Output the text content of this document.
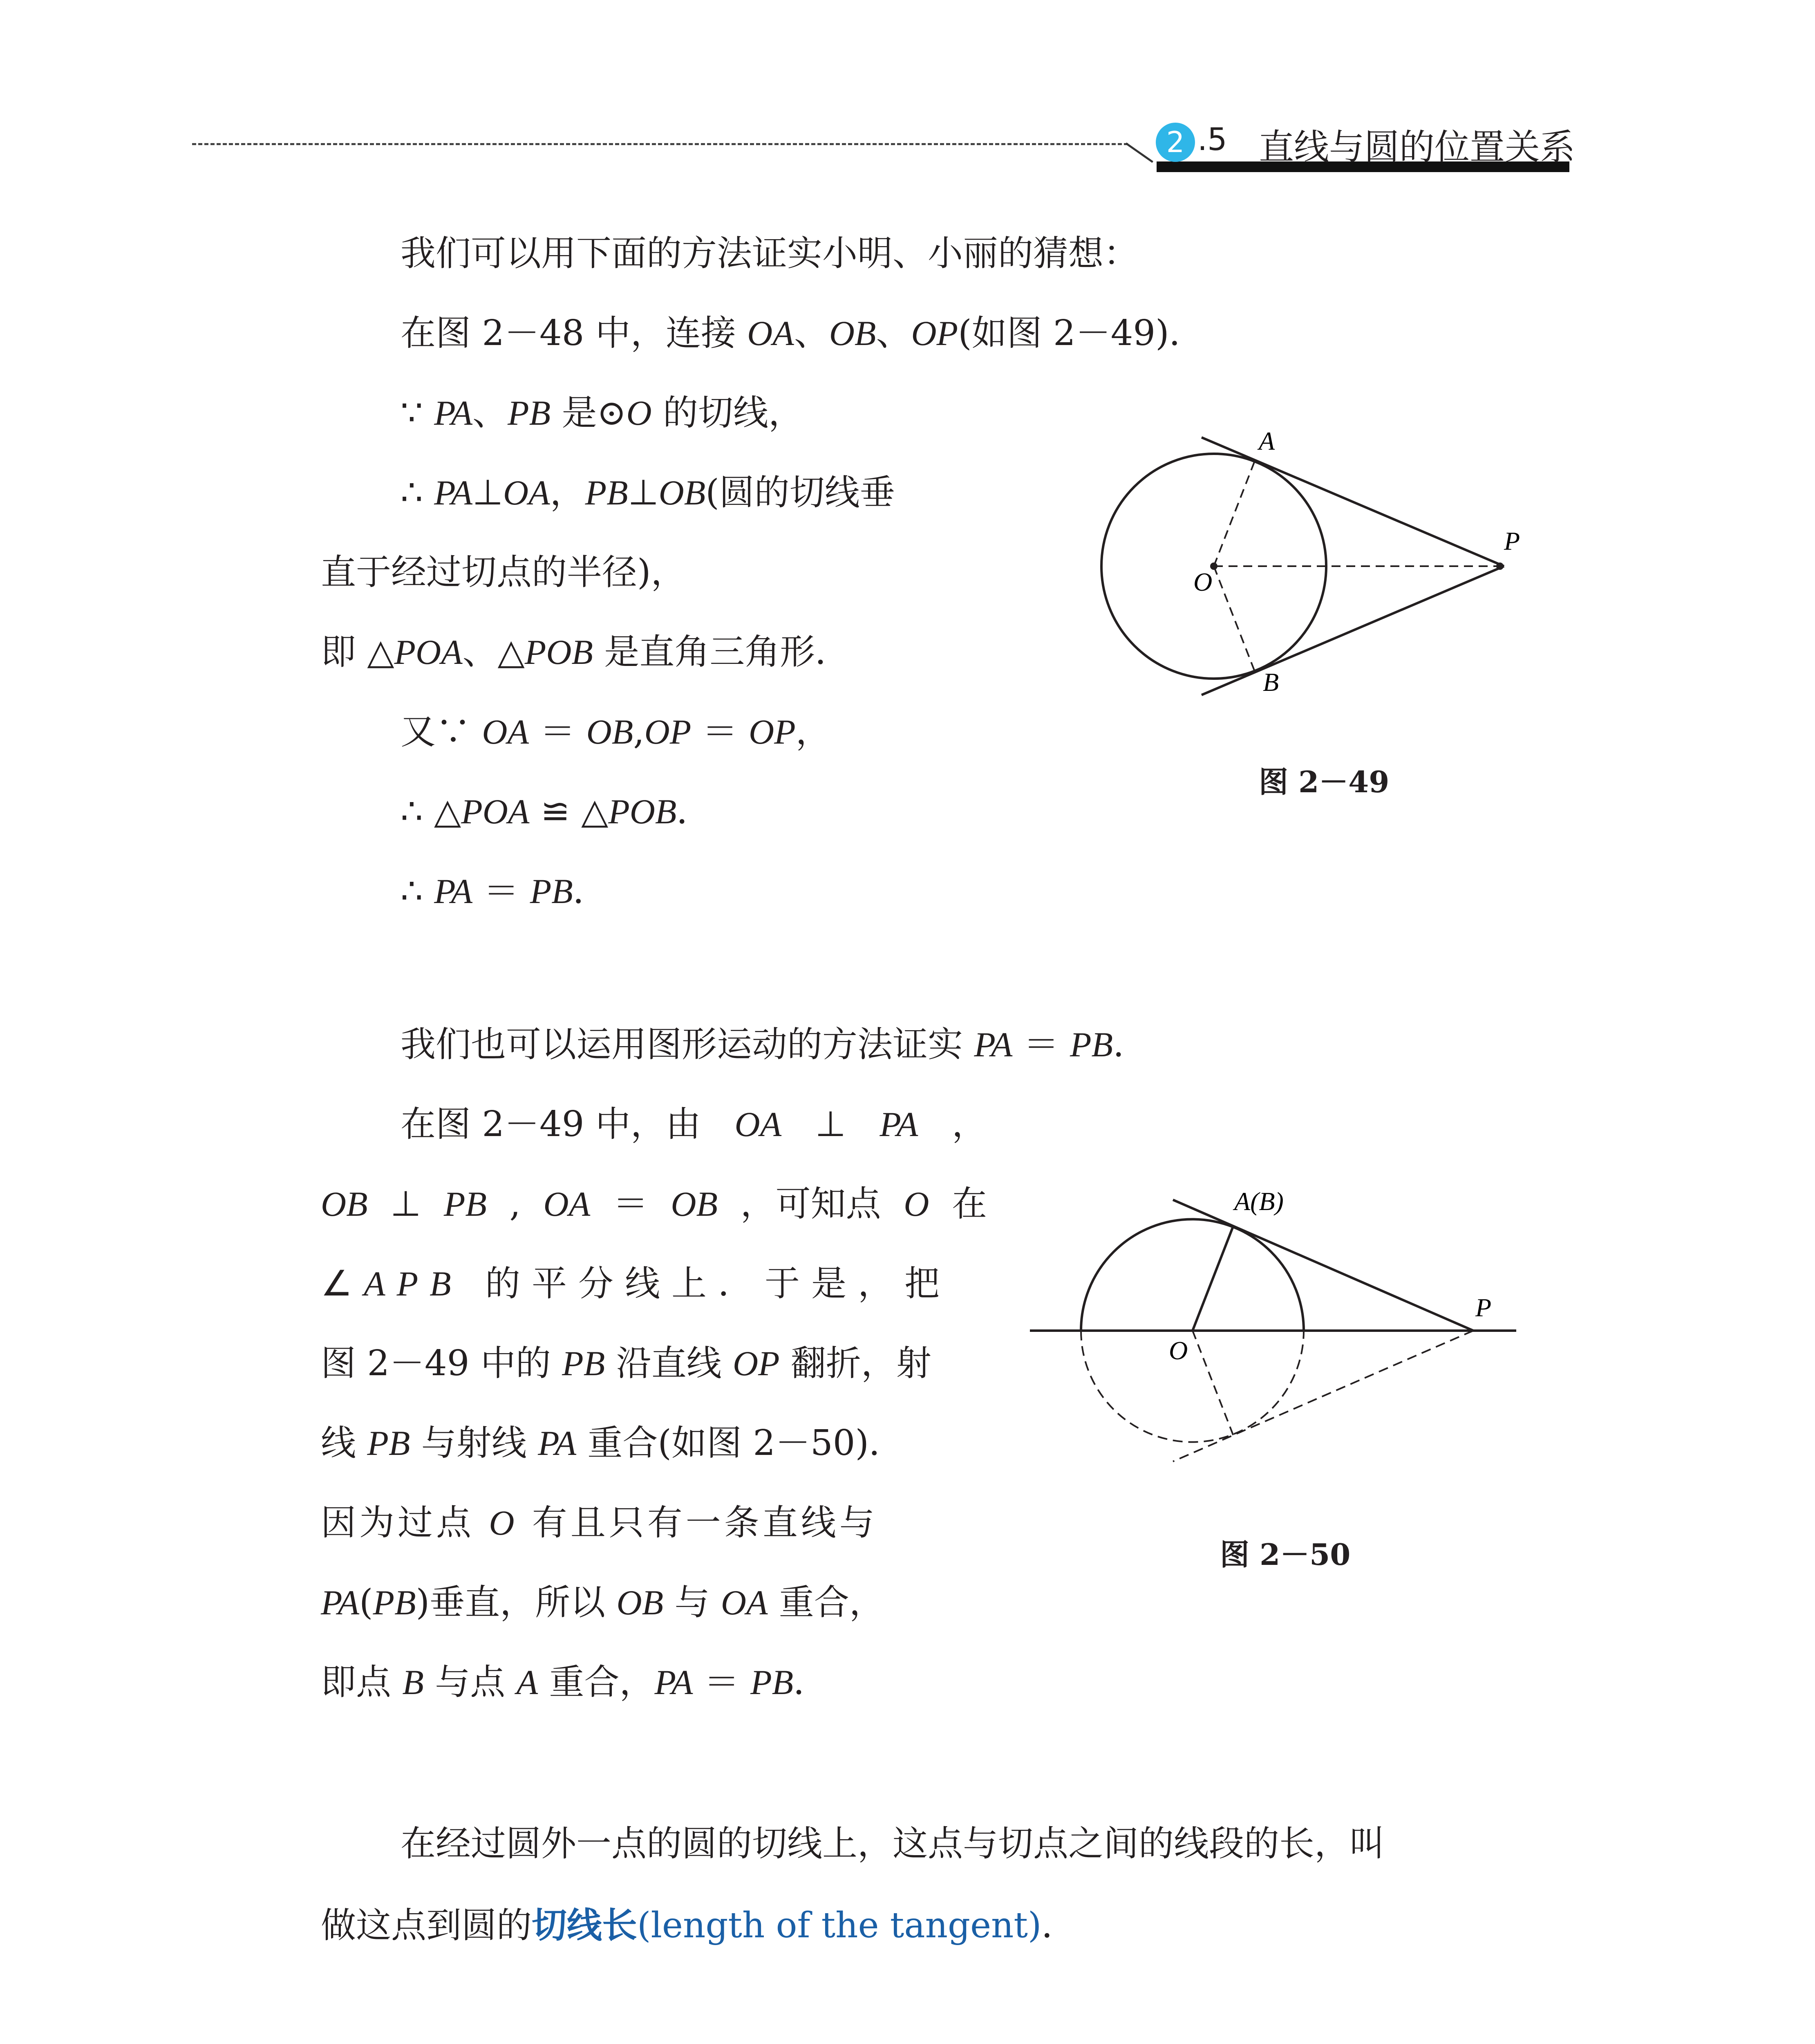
2 .5 直线与圆的位置关系
我们可以用下面的方法证实小明、小丽的猜想：
在图 2－48 中，连接 OA、OB、OP(如图 2－49)．
∵ PA、PB 是⊙O 的切线，
∴ PA⊥OA，PB⊥OB(圆的切线垂
直于经过切点的半径)，
即 △POA、△POB 是直角三角形．
又∵ OA ＝ OB,OP ＝ OP，
∴ △POA ≌ △POB．
∴ PA ＝ PB．
A
B
O
P
图 2－49
我们也可以运用图形运动的方法证实 PA ＝ PB.
在图 2－49 中，由 OA ⊥ PA ，
OB ⊥ PB , OA ＝ OB ，可知点 O 在
∠APB 的平分线上．于是，把
图 2－49 中的 PB 沿直线 OP 翻折，射
线 PB 与射线 PA 重合(如图 2－50)．
因为过点 O 有且只有一条直线与
PA(PB)垂直，所以 OB 与 OA 重合，
即点 B 与点 A 重合，PA ＝ PB．
A(B)
O
P
图 2－50
在经过圆外一点的圆的切线上，这点与切点之间的线段的长，叫
做这点到圆的切线长(length of the tangent)．
